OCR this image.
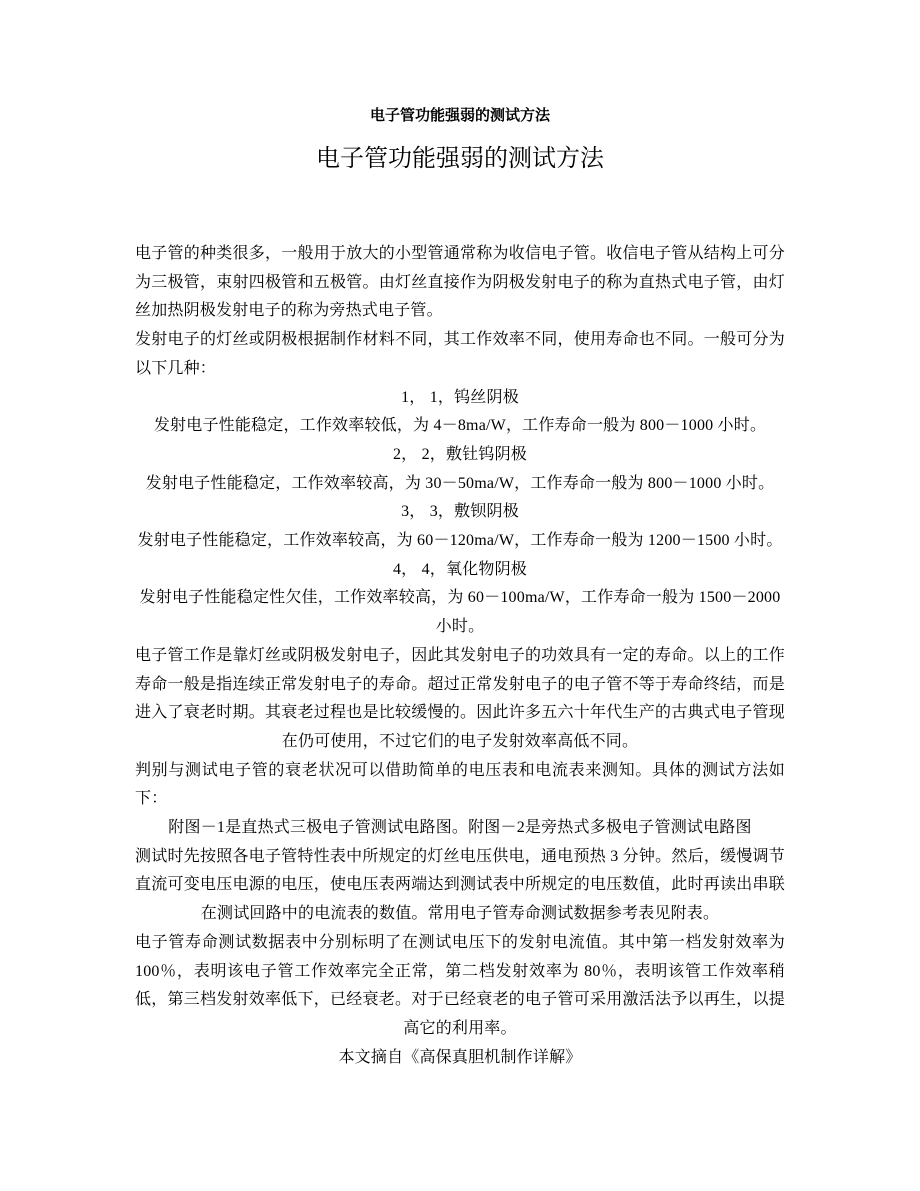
电子管功能强弱的测试方法
电子管功能强弱的测试方法

电子管的种类很多，一般用于放大的小型管通常称为收信电子管。收信电子管从结构上可分为三极管，束射四极管和五极管。由灯丝直接作为阴极发射电子的称为直热式电子管，由灯丝加热阴极发射电子的称为旁热式电子管。

发射电子的灯丝或阴极根据制作材料不同，其工作效率不同，使用寿命也不同。一般可分为以下几种：

1， 1，钨丝阴极

发射电子性能稳定，工作效率较低，为 4－8ma/W，工作寿命一般为 800－1000 小时。

2， 2，敷钍钨阴极

发射电子性能稳定，工作效率较高，为 30－50ma/W，工作寿命一般为 800－1000 小时。

3， 3，敷钡阴极

发射电子性能稳定，工作效率较高，为 60－120ma/W，工作寿命一般为 1200－1500 小时。

4， 4，氧化物阴极

发射电子性能稳定性欠佳，工作效率较高，为 60－100ma/W，工作寿命一般为 1500－2000 小时。

电子管工作是靠灯丝或阴极发射电子，因此其发射电子的功效具有一定的寿命。以上的工作寿命一般是指连续正常发射电子的寿命。超过正常发射电子的电子管不等于寿命终结，而是进入了衰老时期。其衰老过程也是比较缓慢的。因此许多五六十年代生产的古典式电子管现在仍可使用，不过它们的电子发射效率高低不同。

判别与测试电子管的衰老状况可以借助简单的电压表和电流表来测知。具体的测试方法如下：

附图－1是直热式三极电子管测试电路图。附图－2是旁热式多极电子管测试电路图

测试时先按照各电子管特性表中所规定的灯丝电压供电，通电预热 3 分钟。然后，缓慢调节直流可变电压电源的电压，使电压表两端达到测试表中所规定的电压数值，此时再读出串联在测试回路中的电流表的数值。常用电子管寿命测试数据参考表见附表。

电子管寿命测试数据表中分别标明了在测试电压下的发射电流值。其中第一档发射效率为 100％，表明该电子管工作效率完全正常，第二档发射效率为 80％，表明该管工作效率稍低，第三档发射效率低下，已经衰老。对于已经衰老的电子管可采用激活法予以再生，以提高它的利用率。

本文摘自《高保真胆机制作详解》
